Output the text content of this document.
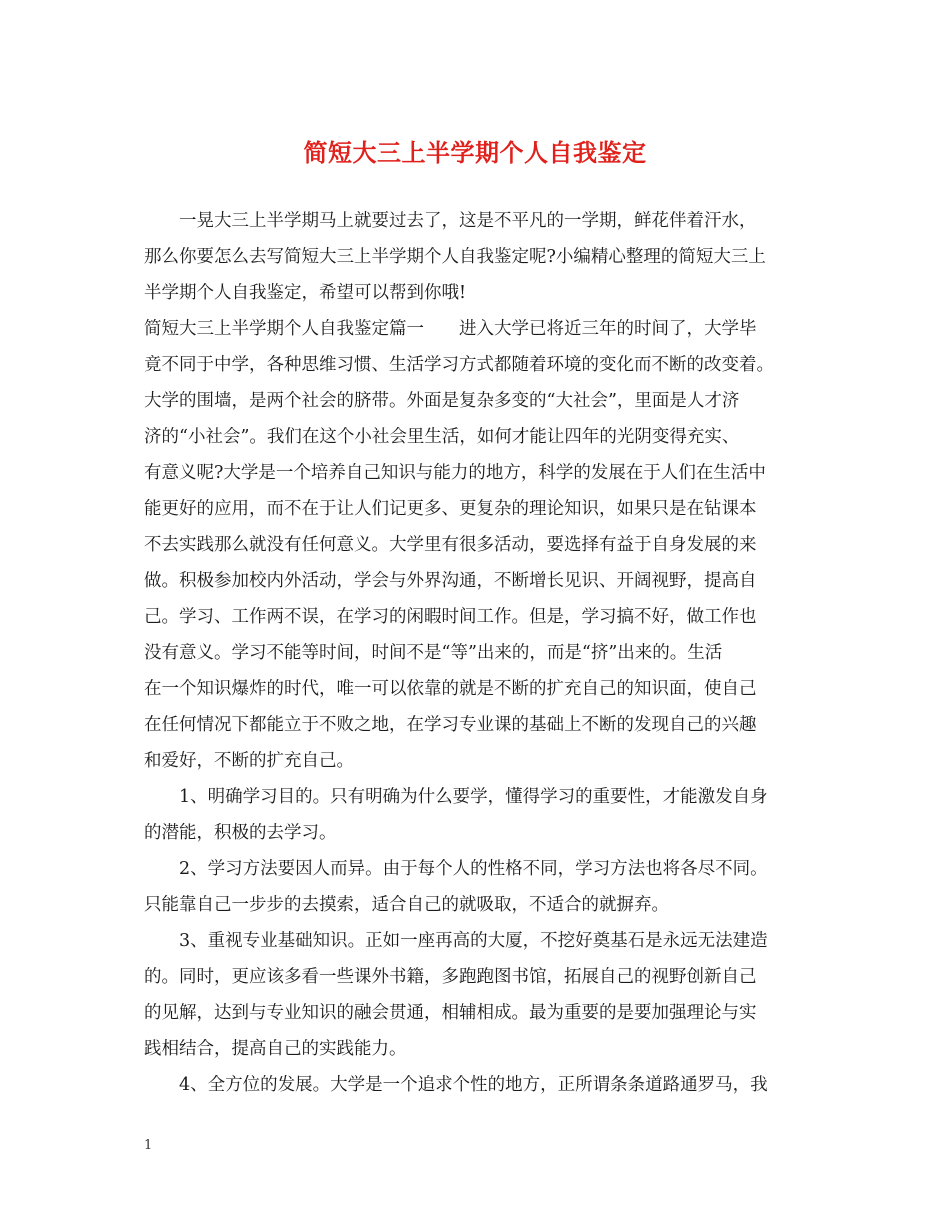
简短大三上半学期个人自我鉴定

　　一晃大三上半学期马上就要过去了，这是不平凡的一学期，鲜花伴着汗水，

那么你要怎么去写简短大三上半学期个人自我鉴定呢?小编精心整理的简短大三上

半学期个人自我鉴定，希望可以帮到你哦!

简短大三上半学期个人自我鉴定篇一　　进入大学已将近三年的时间了，大学毕

竟不同于中学，各种思维习惯、生活学习方式都随着环境的变化而不断的改变着。

大学的围墙，是两个社会的脐带。外面是复杂多变的“大社会”，里面是人才济

济的“小社会”。我们在这个小社会里生活，如何才能让四年的光阴变得充实、

有意义呢?大学是一个培养自己知识与能力的地方，科学的发展在于人们在生活中

能更好的应用，而不在于让人们记更多、更复杂的理论知识，如果只是在钻课本

不去实践那么就没有任何意义。大学里有很多活动，要选择有益于自身发展的来

做。积极参加校内外活动，学会与外界沟通，不断增长见识、开阔视野，提高自

己。学习、工作两不误，在学习的闲暇时间工作。但是，学习搞不好，做工作也

没有意义。学习不能等时间，时间不是“等”出来的，而是“挤”出来的。生活

在一个知识爆炸的时代，唯一可以依靠的就是不断的扩充自己的知识面，使自己

在任何情况下都能立于不败之地，在学习专业课的基础上不断的发现自己的兴趣

和爱好，不断的扩充自己。

　　1、明确学习目的。只有明确为什么要学，懂得学习的重要性，才能激发自身

的潜能，积极的去学习。

　　2、学习方法要因人而异。由于每个人的性格不同，学习方法也将各尽不同。

只能靠自己一步步的去摸索，适合自己的就吸取，不适合的就摒弃。

　　3、重视专业基础知识。正如一座再高的大厦，不挖好奠基石是永远无法建造

的。同时，更应该多看一些课外书籍，多跑跑图书馆，拓展自己的视野创新自己

的见解，达到与专业知识的融会贯通，相辅相成。最为重要的是要加强理论与实

践相结合，提高自己的实践能力。

　　4、全方位的发展。大学是一个追求个性的地方，正所谓条条道路通罗马，我

1
